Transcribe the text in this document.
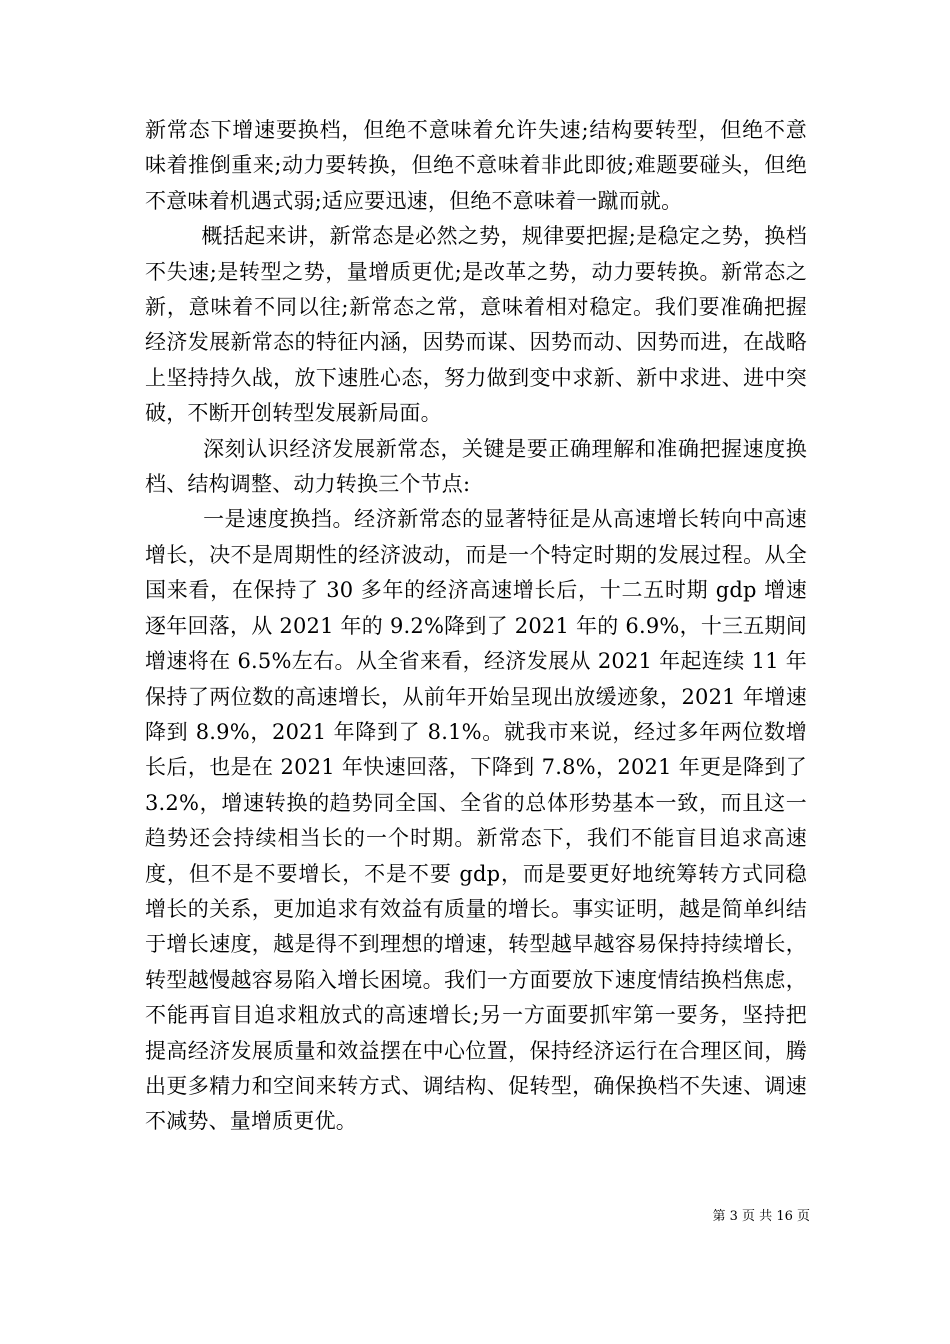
新常态下增速要换档，但绝不意味着允许失速;结构要转型，但绝不意味着推倒重来;动力要转换，但绝不意味着非此即彼;难题要碰头，但绝不意味着机遇式弱;适应要迅速，但绝不意味着一蹴而就。

概括起来讲，新常态是必然之势，规律要把握;是稳定之势，换档不失速;是转型之势，量增质更优;是改革之势，动力要转换。新常态之新，意味着不同以往;新常态之常，意味着相对稳定。我们要准确把握经济发展新常态的特征内涵，因势而谋、因势而动、因势而进，在战略上坚持持久战，放下速胜心态，努力做到变中求新、新中求进、进中突破，不断开创转型发展新局面。

深刻认识经济发展新常态，关键是要正确理解和准确把握速度换档、结构调整、动力转换三个节点:

一是速度换挡。经济新常态的显著特征是从高速增长转向中高速增长，决不是周期性的经济波动，而是一个特定时期的发展过程。从全国来看，在保持了 30 多年的经济高速增长后，十二五时期 gdp 增速逐年回落，从 2021 年的 9.2%降到了 2021 年的 6.9%，十三五期间增速将在 6.5%左右。从全省来看，经济发展从 2021 年起连续 11 年保持了两位数的高速增长，从前年开始呈现出放缓迹象，2021 年增速降到 8.9%，2021 年降到了 8.1%。就我市来说，经过多年两位数增长后，也是在 2021 年快速回落，下降到 7.8%，2021 年更是降到了 3.2%，增速转换的趋势同全国、全省的总体形势基本一致，而且这一趋势还会持续相当长的一个时期。新常态下，我们不能盲目追求高速度，但不是不要增长，不是不要 gdp，而是要更好地统筹转方式同稳增长的关系，更加追求有效益有质量的增长。事实证明，越是简单纠结于增长速度，越是得不到理想的增速，转型越早越容易保持持续增长，转型越慢越容易陷入增长困境。我们一方面要放下速度情结换档焦虑，不能再盲目追求粗放式的高速增长;另一方面要抓牢第一要务，坚持把提高经济发展质量和效益摆在中心位置，保持经济运行在合理区间，腾出更多精力和空间来转方式、调结构、促转型，确保换档不失速、调速不减势、量增质更优。

第 3 页 共 16 页
